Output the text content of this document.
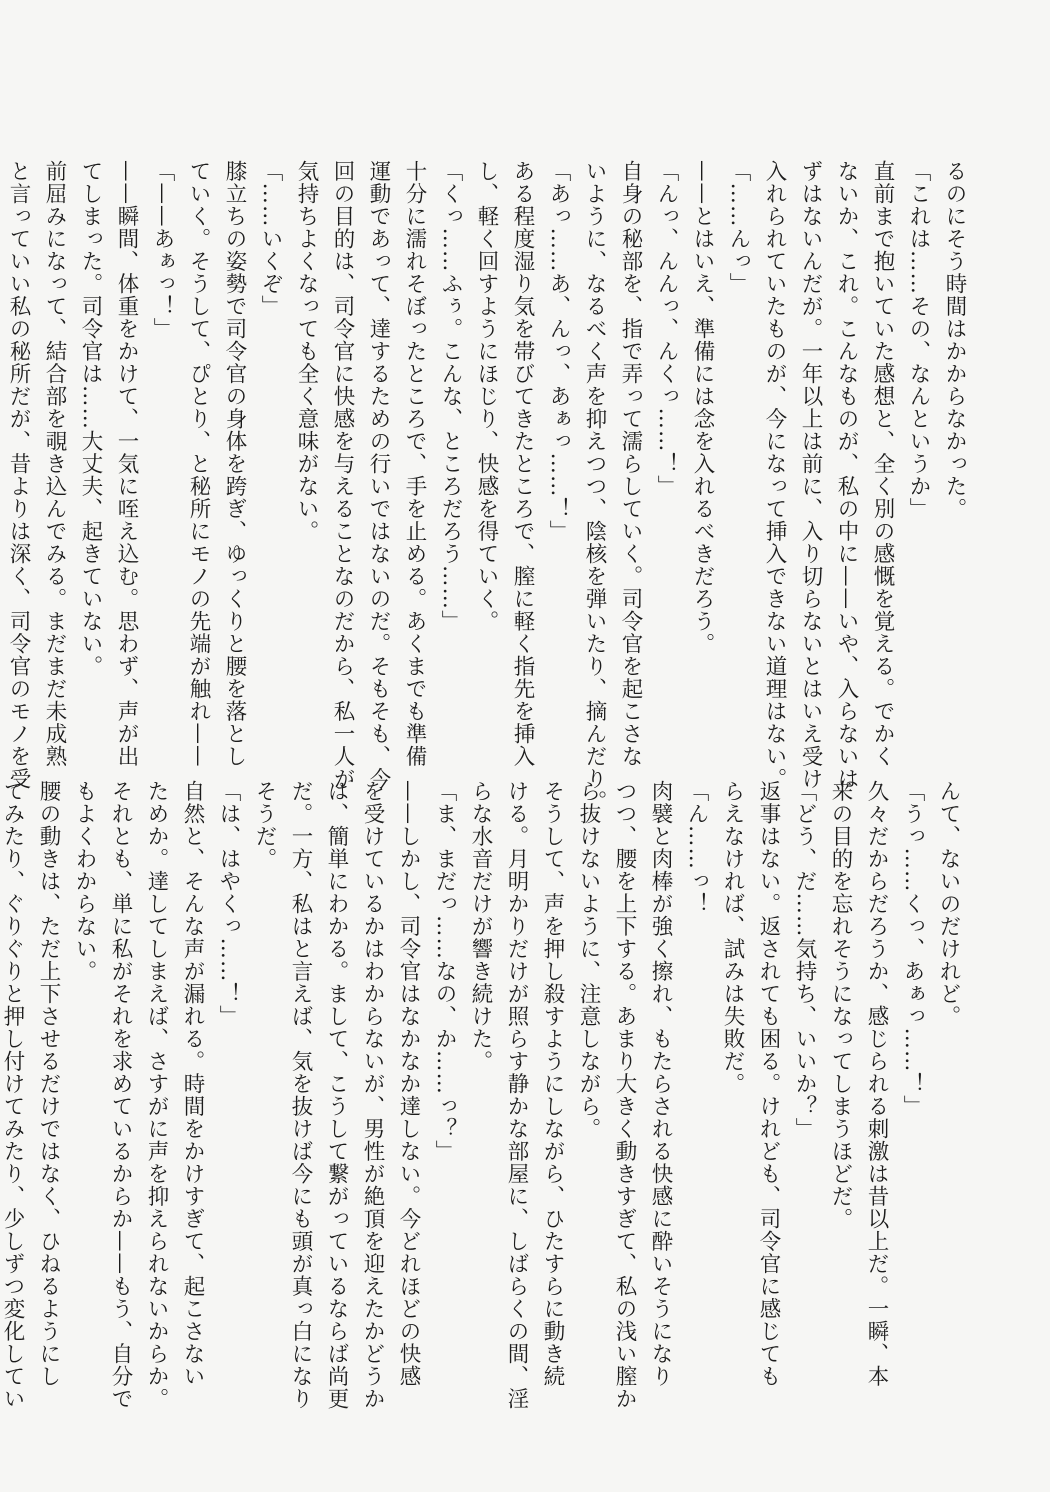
るのにそう時間はかからなかった。
「これは……その、なんというか」
直前まで抱いていた感想と、全く別の感慨を覚える。でかく
ないか、これ。こんなものが、私の中に——いや、入らないは
ずはないんだが。一年以上は前に、入り切らないとはいえ受け
入れられていたものが、今になって挿入できない道理はない。
「……んっ」
——とはいえ、準備には念を入れるべきだろう。
「んっ、んんっ、んくっ……！」
自身の秘部を、指で弄って濡らしていく。司令官を起こさな
いように、なるべく声を抑えつつ、陰核を弾いたり、摘んだり。
「あっ……あ、んっ、あぁっ……！」
ある程度湿り気を帯びてきたところで、膣に軽く指先を挿入
し、軽く回すようにほじり、快感を得ていく。
「くっ……ふぅ。こんな、ところだろう……」
十分に濡れそぼったところで、手を止める。あくまでも準備
運動であって、達するための行いではないのだ。そもそも、今
回の目的は、司令官に快感を与えることなのだから、私一人が
気持ちよくなっても全く意味がない。
「……いくぞ」
膝立ちの姿勢で司令官の身体を跨ぎ、ゆっくりと腰を落とし
ていく。そうして、ぴとり、と秘所にモノの先端が触れ——
「——あぁっ！」
——瞬間、体重をかけて、一気に咥え込む。思わず、声が出
てしまった。司令官は……大丈夫、起きていない。
前屈みになって、結合部を覗き込んでみる。まだまだ未成熟
と言っていい私の秘所だが、昔よりは深く、司令官のモノを受
んて、ないのだけれど。
「うっ……くっ、あぁっ……！」
久々だからだろうか、感じられる刺激は昔以上だ。一瞬、本
来の目的を忘れそうになってしまうほどだ。
「どう、だ……気持ち、いいか？」
返事はない。返されても困る。けれども、司令官に感じても
らえなければ、試みは失敗だ。
「ん……っ！
肉襞と肉棒が強く擦れ、もたらされる快感に酔いそうになり
つつ、腰を上下する。あまり大きく動きすぎて、私の浅い膣か
ら抜けないように、注意しながら。
そうして、声を押し殺すようにしながら、ひたすらに動き続
ける。月明かりだけが照らす静かな部屋に、しばらくの間、淫
らな水音だけが響き続けた。
「ま、まだっ……なの、か……っ？」
——しかし、司令官はなかなか達しない。今どれほどの快感
を受けているかはわからないが、男性が絶頂を迎えたかどうか
は、簡単にわかる。まして、こうして繋がっているならば尚更
だ。一方、私はと言えば、気を抜けば今にも頭が真っ白になり
そうだ。
「は、はやくっ……！」
自然と、そんな声が漏れる。時間をかけすぎて、起こさない
ためか。達してしまえば、さすがに声を抑えられないからか。
それとも、単に私がそれを求めているからか——もう、自分で
もよくわからない。
腰の動きは、ただ上下させるだけではなく、ひねるようにし
てみたり、ぐりぐりと押し付けてみたり、少しずつ変化してい
